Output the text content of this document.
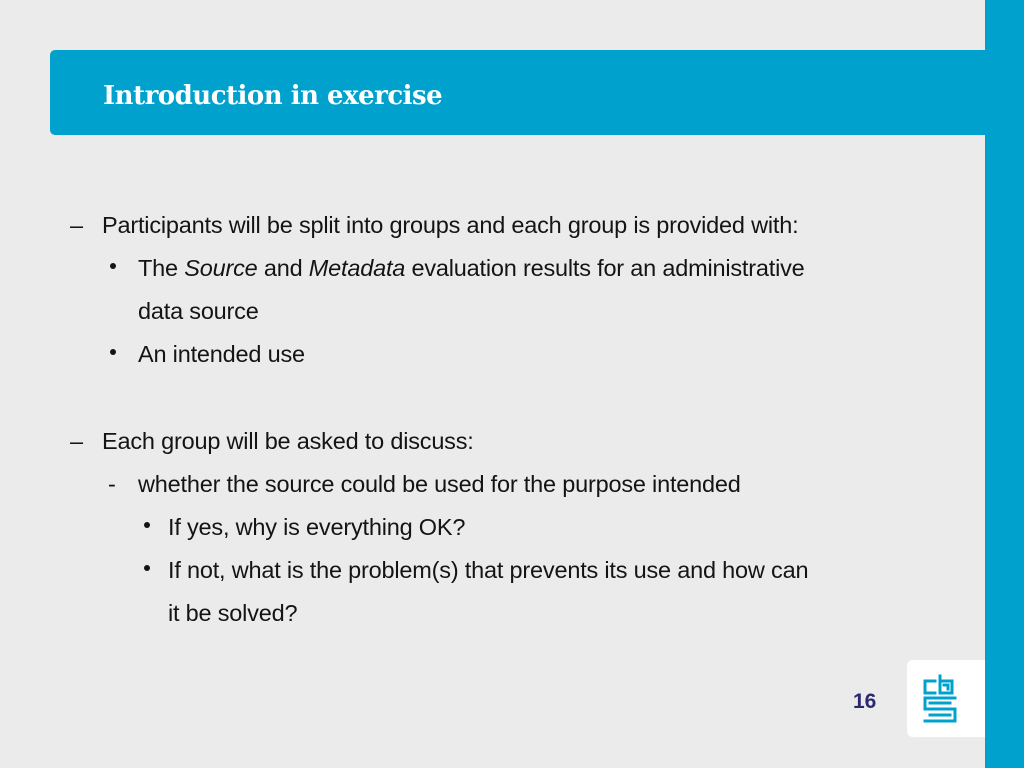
Introduction in exercise
– Participants will be split into groups and each group is provided with:
The Source and Metadata evaluation results for an administrative
data source
An intended use
– Each group will be asked to discuss:
- whether the source could be used for the purpose intended
If yes, why is everything OK?
If not, what is the problem(s) that prevents its use and how can
it be solved?
16
